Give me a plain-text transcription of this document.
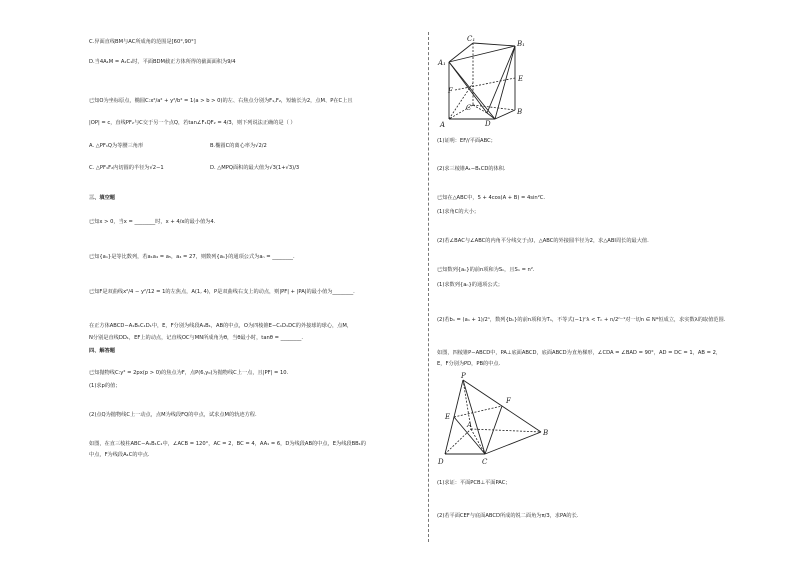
C.异面直线BM与AC所成角的范围是[60°,90°]
D.当4A₁M = A₁C₁时，平面BDM截正方体所得的截面面积为9/4
已知O为坐标原点，椭圆C:x²/a² + y²/b² = 1(a > b > 0)的左、右焦点分别为F₁,F₂，短轴长为2，点M、P在C上且
|OP| = c，直线PF₂与C交于另一个点Q，若tan∠F₁QF₂ = 4/3，则下列说法正确的是（ ）
A. △PF₁Q为等腰三角形	B.椭圆C的离心率为√2/2
C. △PF₁F₂内切圆的半径为√2−1	D. △MPQ面积的最大值为√3(1+√3)/3
三、填空题
已知x > 0，当x = ________时，x + 4/x的最小值为4.
已知{aₙ}是等比数列，若a₁a₄ = a₅，a₄ = 27，则数列{aₙ}的通项公式为aₙ = ________.
已知F是双曲线x²/4 − y²/12 = 1的左焦点，A(1, 4)，P是双曲线右支上的动点，则|PF| + |PA|的最小值为________.
在正方体ABCD−A₁B₁C₁D₁中，E，F分别为线段A₁B₁，AB的中点，O为四棱锥E−C₁D₁DC的外接球的球心，点M，
N分别是直线DD₁，EF上的动点，记直线OC与MN所成角为θ，当θ最小时，tanθ = ________.
四、解答题
已知抛物线C:y² = 2px(p > 0)的焦点为F，点P(6,y₀)为抛物线C上一点，且|PF| = 10.
(1)求p的值；
(2)点Q为抛物线C上一动点，点M为线段FQ的中点，试求点M的轨迹方程.
如图，在直三棱柱ABC−A₁B₁C₁中，∠ACB = 120°，AC = 2，BC = 4，AA₁ = 6，D为线段AB的中点，E为线段BB₁的
中点，F为线段A₁C的中点.
C₁
B₁
A₁
E
F
C
A	D
B
(1)证明：EF//平面ABC；
(2)求三棱锥A₁−B₁CD的体积.
已知在△ABC中，5 + 4cos(A + B) = 4sin²C.
(1)求角C的大小；
(2)若∠BAC与∠ABC的内角平分线交于点I，△ABC的外接圆半径为2，求△ABI周长的最大值.
已知数列{aₙ}的前n项和为Sₙ，且Sₙ = n².
(1)求数列{aₙ}的通项公式；
(2)若bₙ = (aₙ + 1)/2ⁿ，数列{bₙ}的前n项和为Tₙ，不等式(−1)ⁿλ < Tₙ + n/2ⁿ⁻¹对一切n ∈ N*恒成立，求实数λ的取值范围.
如图，四棱锥P−ABCD中，PA⊥底面ABCD，底面ABCD为直角梯形，∠CDA = ∠BAD = 90°，AD = DC = 1，AB = 2，
E，F分别为PD，PB的中点.
P
F
E
A
B
D	C
(1)求证：平面PCB⊥平面PAC；
(2)若平面CEF与底面ABCD所成的锐二面角为π/3，求PA的长.
